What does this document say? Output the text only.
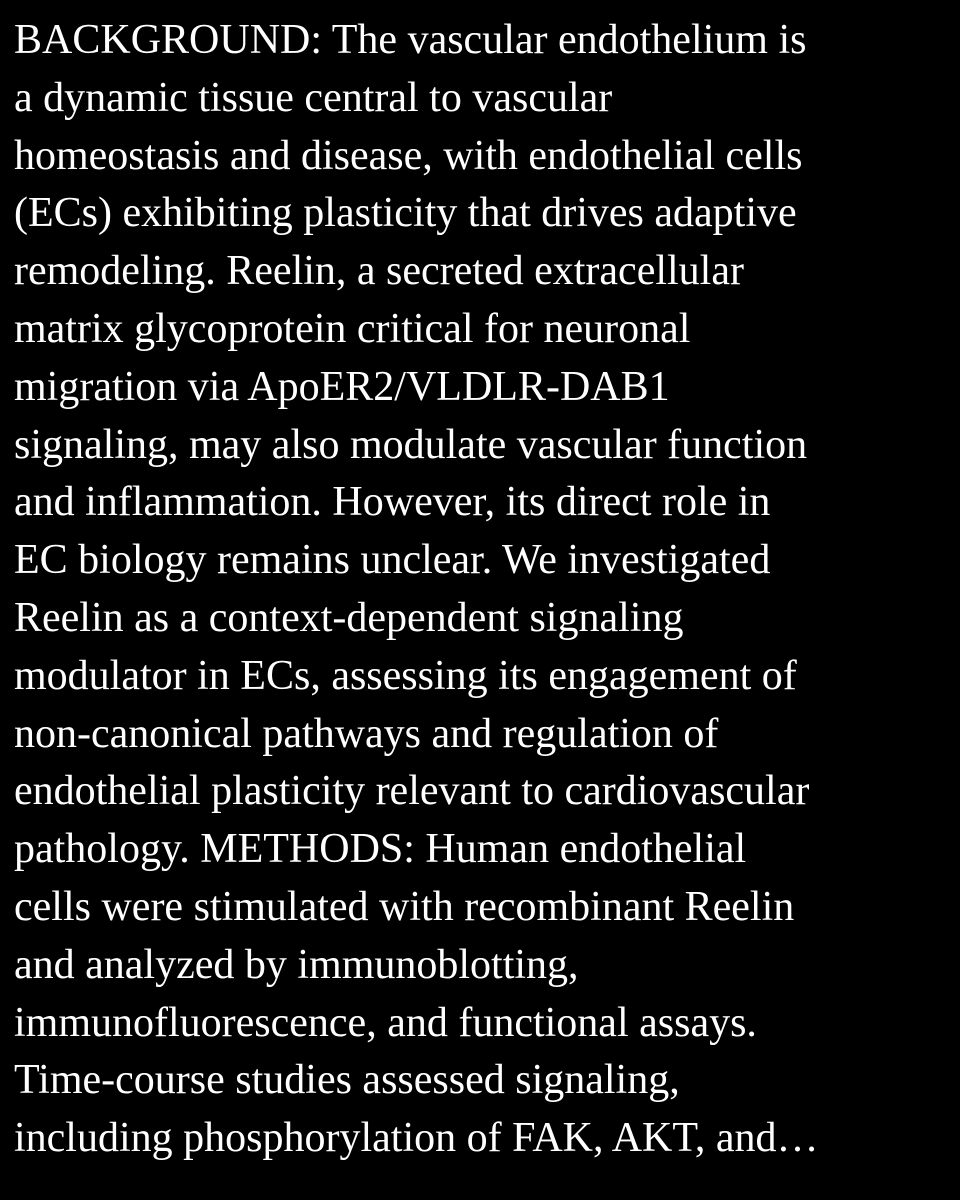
BACKGROUND: The vascular endothelium is
a dynamic tissue central to vascular
homeostasis and disease, with endothelial cells
(ECs) exhibiting plasticity that drives adaptive
remodeling. Reelin, a secreted extracellular
matrix glycoprotein critical for neuronal
migration via ApoER2/VLDLR-DAB1
signaling, may also modulate vascular function
and inflammation. However, its direct role in
EC biology remains unclear. We investigated
Reelin as a context-dependent signaling
modulator in ECs, assessing its engagement of
non-canonical pathways and regulation of
endothelial plasticity relevant to cardiovascular
pathology. METHODS: Human endothelial
cells were stimulated with recombinant Reelin
and analyzed by immunoblotting,
immunofluorescence, and functional assays.
Time-course studies assessed signaling,
including phosphorylation of FAK, AKT, and…
